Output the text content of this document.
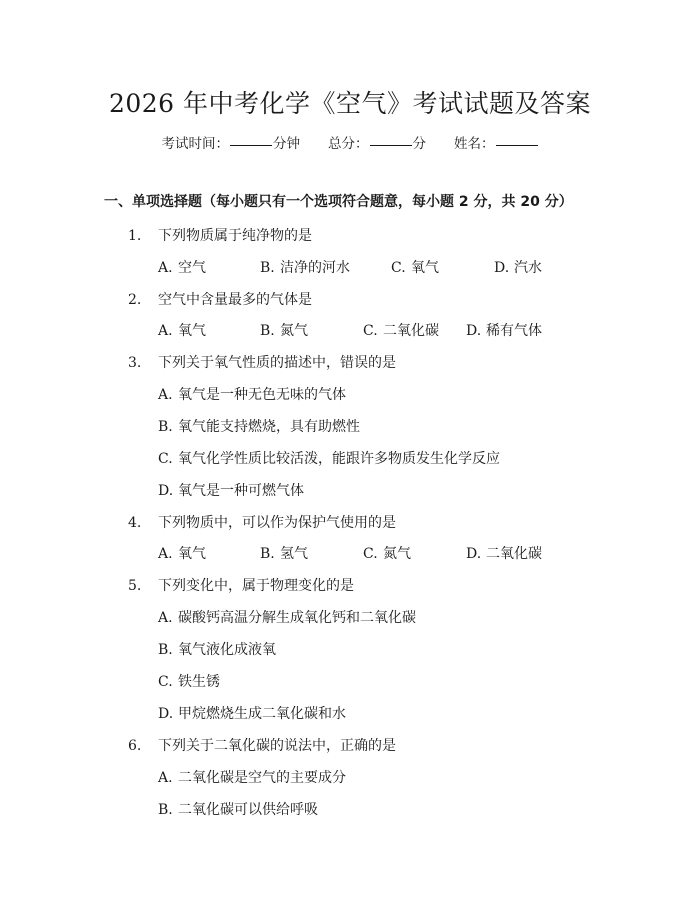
2026 年中考化学《空气》考试试题及答案
考试时间：	分钟 总分：	分 姓名：
一、单项选择题（每小题只有一个选项符合题意，每小题 2 分，共 20 分）
1. 下列物质属于纯净物的是
A. 空气	B. 洁净的河水	C. 氧气	D. 汽水
2. 空气中含量最多的气体是
A. 氧气	B. 氮气	C. 二氧化碳 D. 稀有气体
3. 下列关于氧气性质的描述中，错误的是
A. 氧气是一种无色无味的气体
B. 氧气能支持燃烧，具有助燃性
C. 氧气化学性质比较活泼，能跟许多物质发生化学反应
D. 氧气是一种可燃气体
4. 下列物质中，可以作为保护气使用的是
A. 氧气	B. 氢气	C. 氮气	D. 二氧化碳
5. 下列变化中，属于物理变化的是
A. 碳酸钙高温分解生成氧化钙和二氧化碳
B. 氧气液化成液氧
C. 铁生锈
D. 甲烷燃烧生成二氧化碳和水
6. 下列关于二氧化碳的说法中，正确的是
A. 二氧化碳是空气的主要成分
B. 二氧化碳可以供给呼吸
